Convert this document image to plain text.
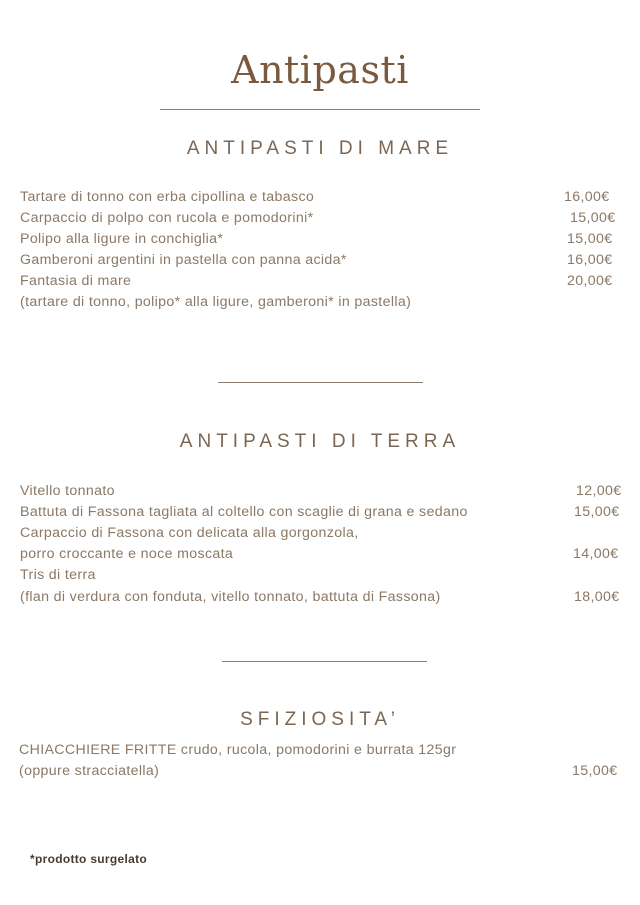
Antipasti
ANTIPASTI DI MARE
Tartare di tonno con erba cipollina e tabasco	16,00€
Carpaccio di polpo con rucola e pomodorini*	15,00€
Polipo alla ligure in conchiglia*	15,00€
Gamberoni argentini in pastella con panna acida*	16,00€
Fantasia di mare	20,00€
(tartare di tonno, polipo* alla ligure, gamberoni* in pastella)
ANTIPASTI DI TERRA
Vitello tonnato	12,00€
Battuta di Fassona tagliata al coltello con scaglie di grana e sedano	15,00€
Carpaccio di Fassona con delicata alla gorgonzola,
porro croccante e noce moscata	14,00€
Tris di terra
(flan di verdura con fonduta, vitello tonnato, battuta di Fassona)	18,00€
SFIZIOSITA’
CHIACCHIERE FRITTE crudo, rucola, pomodorini e burrata 125gr
(oppure stracciatella)	15,00€
*prodotto surgelato
